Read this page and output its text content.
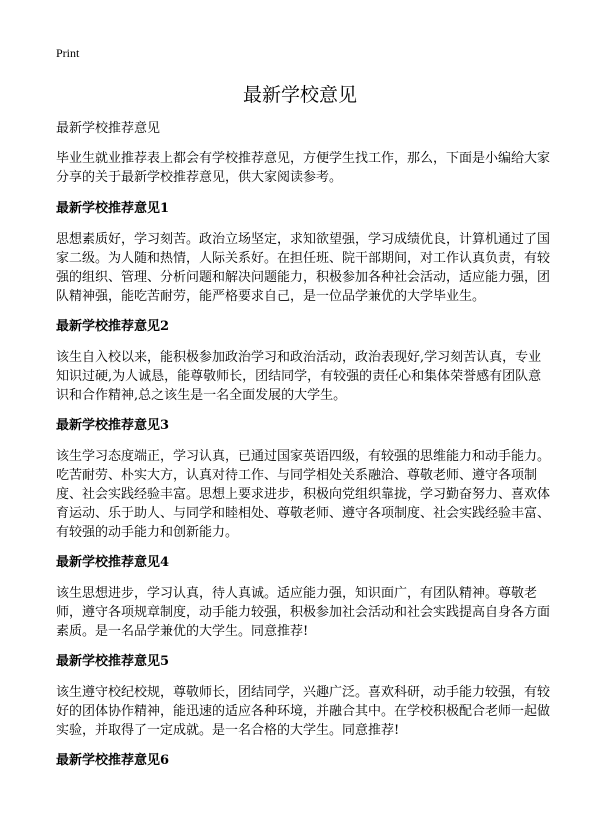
Print
最新学校意见

最新学校推荐意见

毕业生就业推荐表上都会有学校推荐意见，方便学生找工作，那么，下面是小编给大家分享的关于最新学校推荐意见，供大家阅读参考。

最新学校推荐意见1

思想素质好，学习刻苦。政治立场坚定，求知欲望强，学习成绩优良，计算机通过了国家二级。为人随和热情，人际关系好。在担任班、院干部期间，对工作认真负责，有较强的组织、管理、分析问题和解决问题能力，积极参加各种社会活动，适应能力强，团队精神强，能吃苦耐劳，能严格要求自己，是一位品学兼优的大学毕业生。

最新学校推荐意见2

该生自入校以来，能积极参加政治学习和政治活动，政治表现好,学习刻苦认真，专业知识过硬,为人诚恳，能尊敬师长，团结同学，有较强的责任心和集体荣誉感有团队意识和合作精神,总之该生是一名全面发展的大学生。

最新学校推荐意见3

该生学习态度端正，学习认真，已通过国家英语四级，有较强的思维能力和动手能力。吃苦耐劳、朴实大方，认真对待工作、与同学相处关系融洽、尊敬老师、遵守各项制度、社会实践经验丰富。思想上要求进步，积极向党组织靠拢，学习勤奋努力、喜欢体育运动、乐于助人、与同学和睦相处、尊敬老师、遵守各项制度、社会实践经验丰富、有较强的动手能力和创新能力。

最新学校推荐意见4

该生思想进步，学习认真，待人真诚。适应能力强，知识面广，有团队精神。尊敬老师，遵守各项规章制度，动手能力较强，积极参加社会活动和社会实践提高自身各方面素质。是一名品学兼优的大学生。同意推荐!

最新学校推荐意见5

该生遵守校纪校规，尊敬师长，团结同学，兴趣广泛。喜欢科研，动手能力较强，有较好的团体协作精神，能迅速的适应各种环境，并融合其中。在学校积极配合老师一起做实验，并取得了一定成就。是一名合格的大学生。同意推荐!

最新学校推荐意见6
